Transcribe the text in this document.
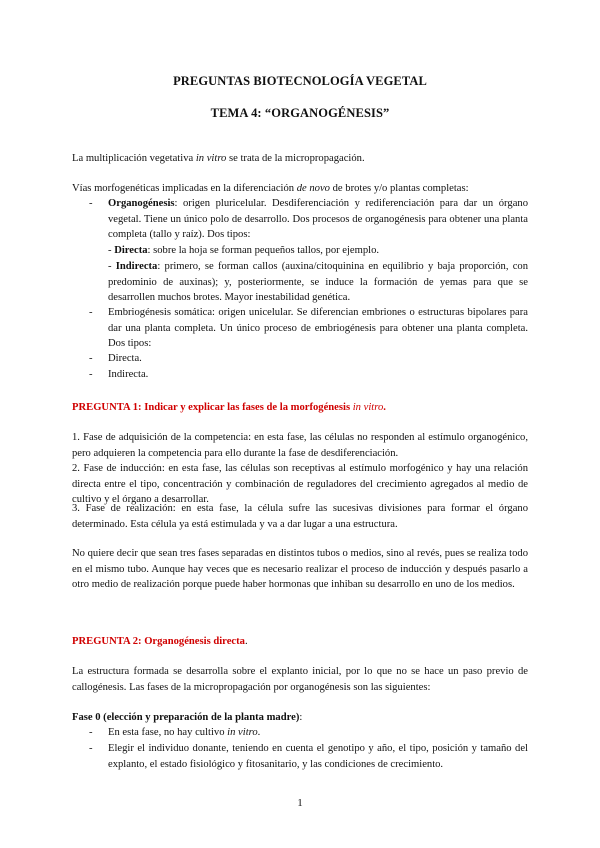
PREGUNTAS BIOTECNOLOGÍA VEGETAL
TEMA 4: “ORGANOGÉNESIS”
La multiplicación vegetativa in vitro se trata de la micropropagación.
Vías morfogenéticas implicadas en la diferenciación de novo de brotes y/o plantas completas:
- Organogénesis: origen pluricelular. Desdiferenciación y rediferenciación para dar un órgano vegetal. Tiene un único polo de desarrollo. Dos procesos de organogénesis para obtener una planta completa (tallo y raíz). Dos tipos:
- Directa: sobre la hoja se forman pequeños tallos, por ejemplo.
- Indirecta: primero, se forman callos (auxina/citoquinina en equilibrio y baja proporción, con predominio de auxinas); y, posteriormente, se induce la formación de yemas para que se desarrollen muchos brotes. Mayor inestabilidad genética.
- Embriogénesis somática: origen unicelular. Se diferencian embriones o estructuras bipolares para dar una planta completa. Un único proceso de embriogénesis para obtener una planta completa. Dos tipos:
- Directa.
- Indirecta.
PREGUNTA 1: Indicar y explicar las fases de la morfogénesis in vitro.
1. Fase de adquisición de la competencia: en esta fase, las células no responden al estímulo organogénico, pero adquieren la competencia para ello durante la fase de desdiferenciación.
2. Fase de inducción: en esta fase, las células son receptivas al estímulo morfogénico y hay una relación directa entre el tipo, concentración y combinación de reguladores del crecimiento agregados al medio de cultivo y el órgano a desarrollar.
3. Fase de realización: en esta fase, la célula sufre las sucesivas divisiones para formar el órgano determinado. Esta célula ya está estimulada y va a dar lugar a una estructura.
No quiere decir que sean tres fases separadas en distintos tubos o medios, sino al revés, pues se realiza todo en el mismo tubo. Aunque hay veces que es necesario realizar el proceso de inducción y después pasarlo a otro medio de realización porque puede haber hormonas que inhiban su desarrollo en uno de los medios.
PREGUNTA 2: Organogénesis directa.
La estructura formada se desarrolla sobre el explanto inicial, por lo que no se hace un paso previo de callogénesis. Las fases de la micropropagación por organogénesis son las siguientes:
Fase 0 (elección y preparación de la planta madre):
- En esta fase, no hay cultivo in vitro.
- Elegir el individuo donante, teniendo en cuenta el genotipo y año, el tipo, posición y tamaño del explanto, el estado fisiológico y fitosanitario, y las condiciones de crecimiento.
1
